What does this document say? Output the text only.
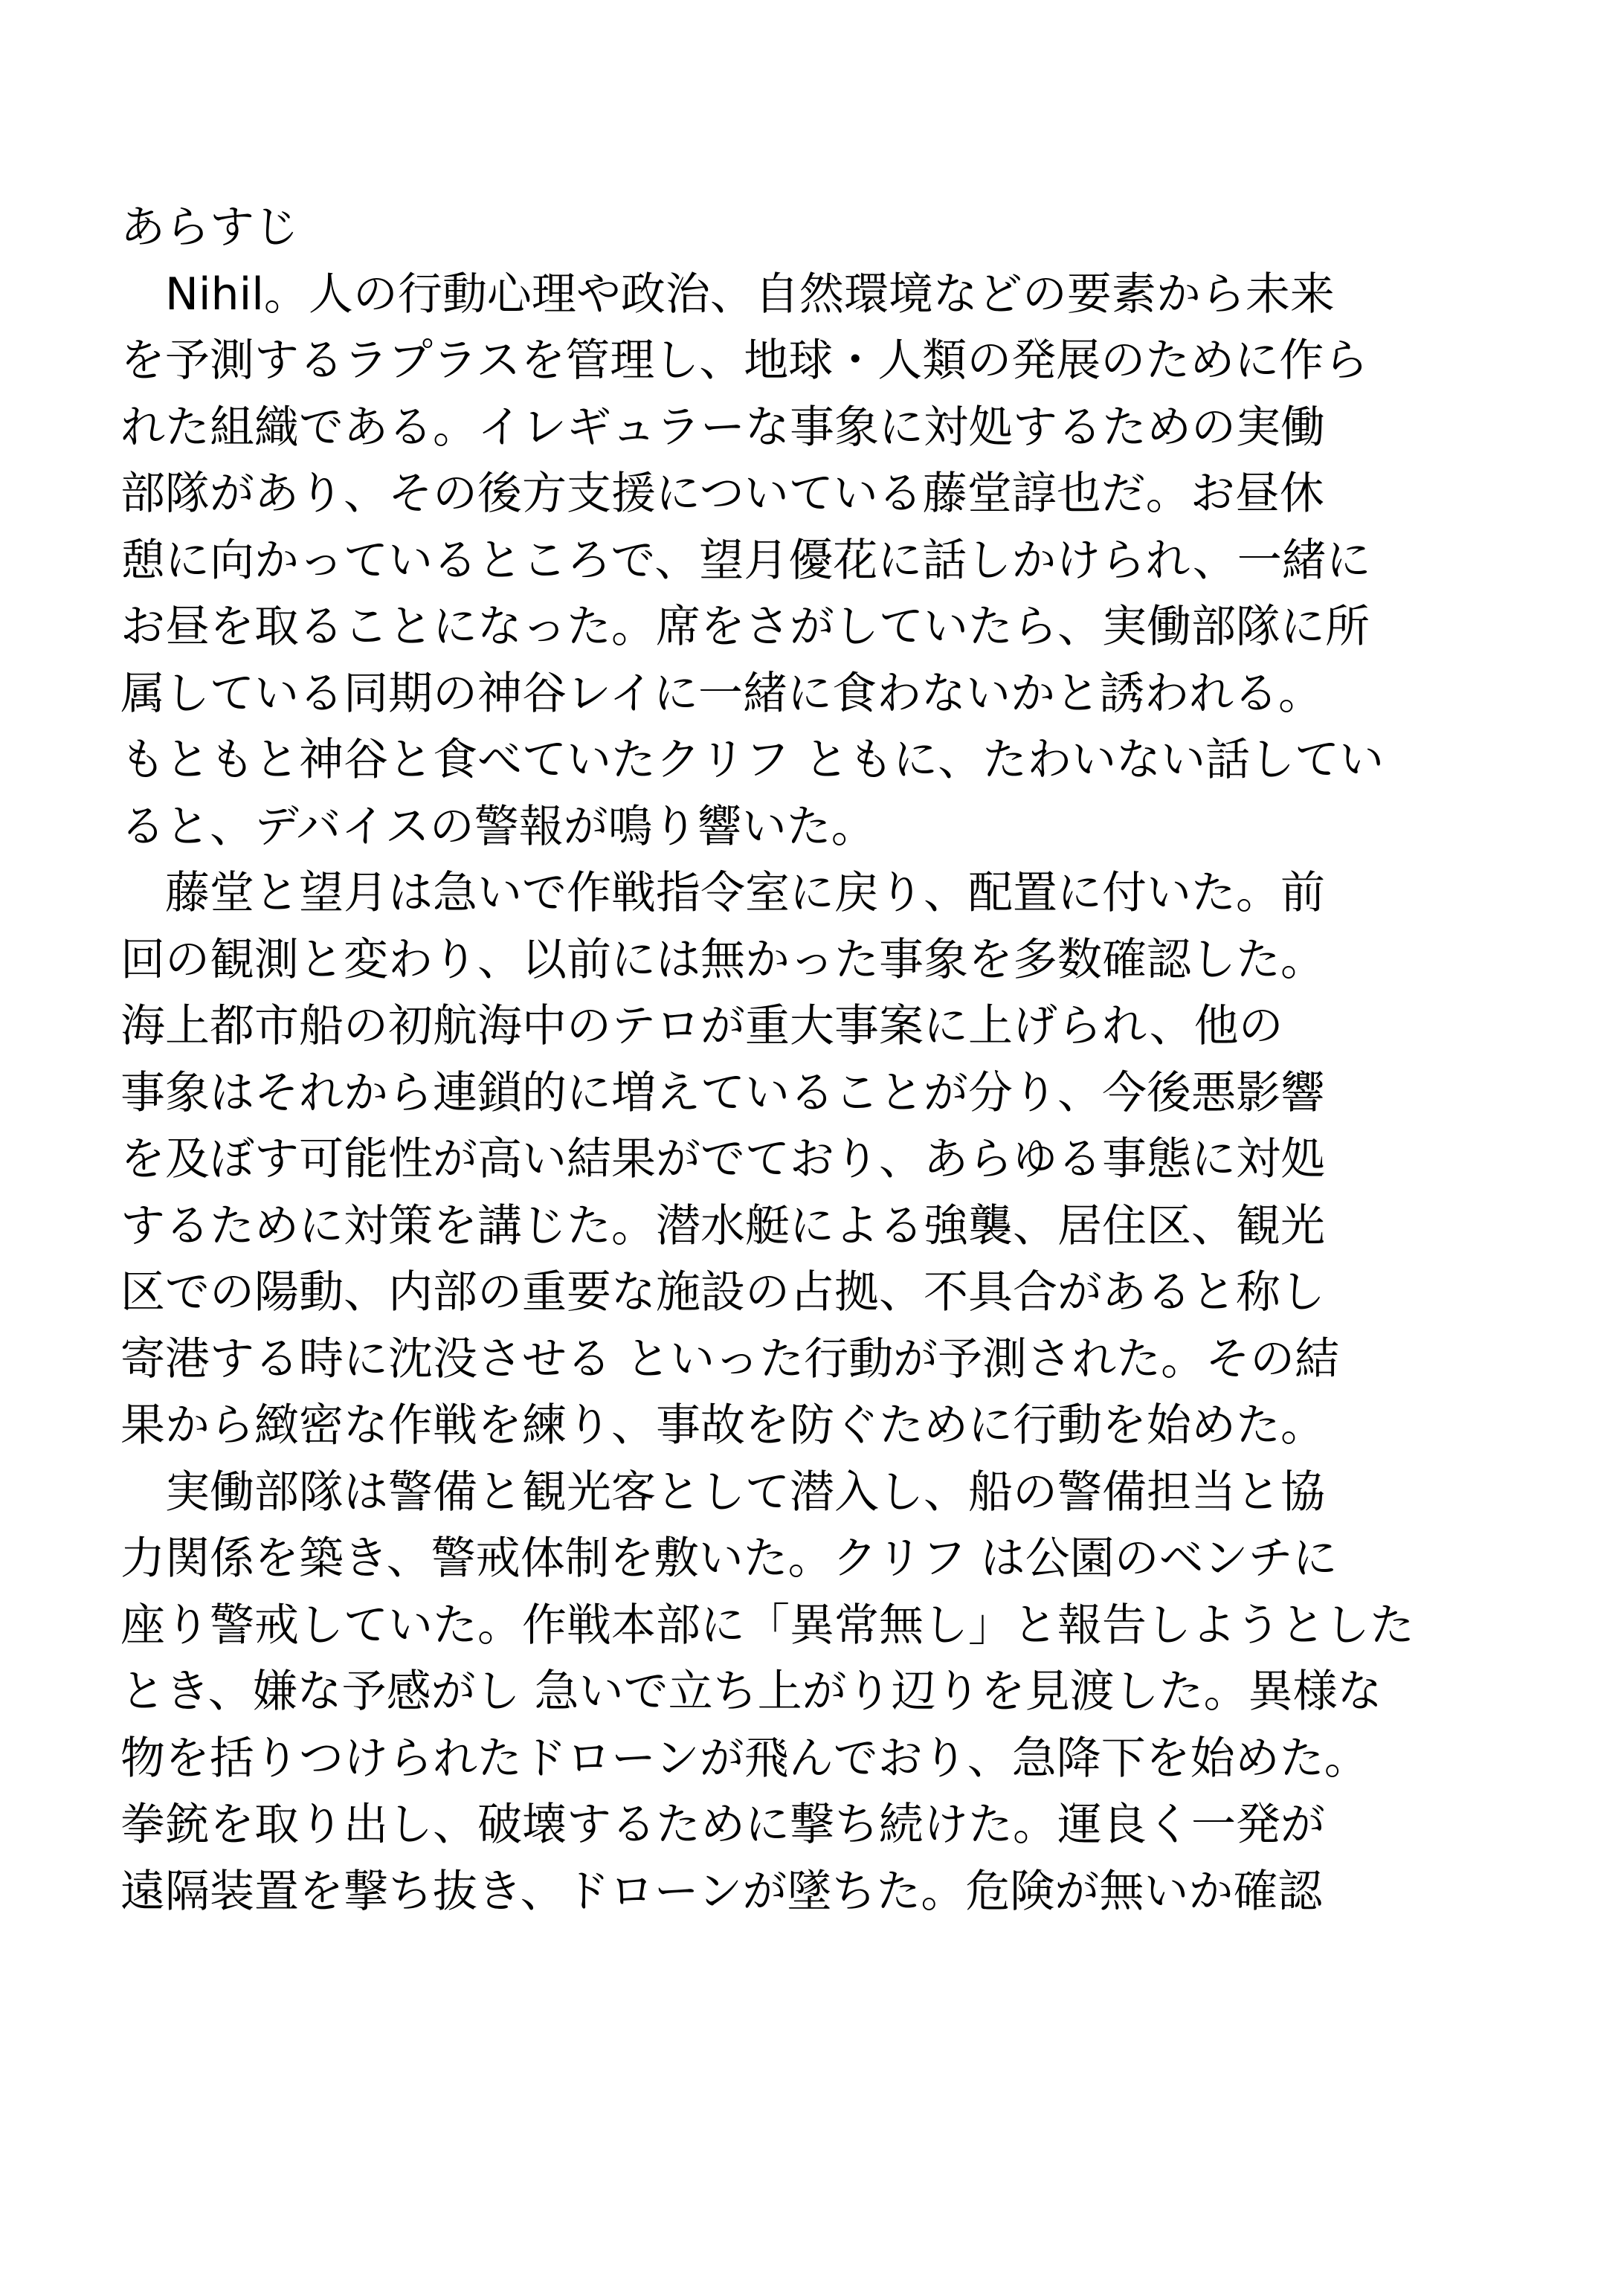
あらすじ
　Nihil。人の行動心理や政治、自然環境などの要素から未来
を予測するラプラスを管理し、地球・人類の発展のために作ら
れた組織である。イレギュラーな事象に対処するための実働
部隊があり、その後方支援についている藤堂諄也だ。お昼休
憩に向かっているところで、望月優花に話しかけられ、一緒に
お昼を取ることになった。席をさがしていたら、実働部隊に所
属している同期の神谷レイに一緒に食わないかと誘われる。
もともと神谷と食べていたクリフ ともに、たわいない話してい
ると、デバイスの警報が鳴り響いた。
　藤堂と望月は急いで作戦指令室に戻り、配置に付いた。前
回の観測と変わり、以前には無かった事象を多数確認した。
海上都市船の初航海中のテロが重大事案に上げられ、他の
事象はそれから連鎖的に増えていることが分り、今後悪影響
を及ぼす可能性が高い結果がでており、あらゆる事態に対処
するために対策を講じた。潜水艇による強襲、居住区、観光
区での陽動、内部の重要な施設の占拠、不具合があると称し
寄港する時に沈没させる といった行動が予測された。その結
果から緻密な作戦を練り、事故を防ぐために行動を始めた。
　実働部隊は警備と観光客として潜入し、船の警備担当と協
力関係を築き、警戒体制を敷いた。クリフ は公園のベンチに
座り警戒していた。作戦本部に「異常無し」と報告しようとした
とき、嫌な予感がし 急いで立ち上がり辺りを見渡した。異様な
物を括りつけられたドローンが飛んでおり、急降下を始めた。
拳銃を取り出し、破壊するために撃ち続けた。運良く一発が
遠隔装置を撃ち抜き、ドローンが墜ちた。危険が無いか確認
